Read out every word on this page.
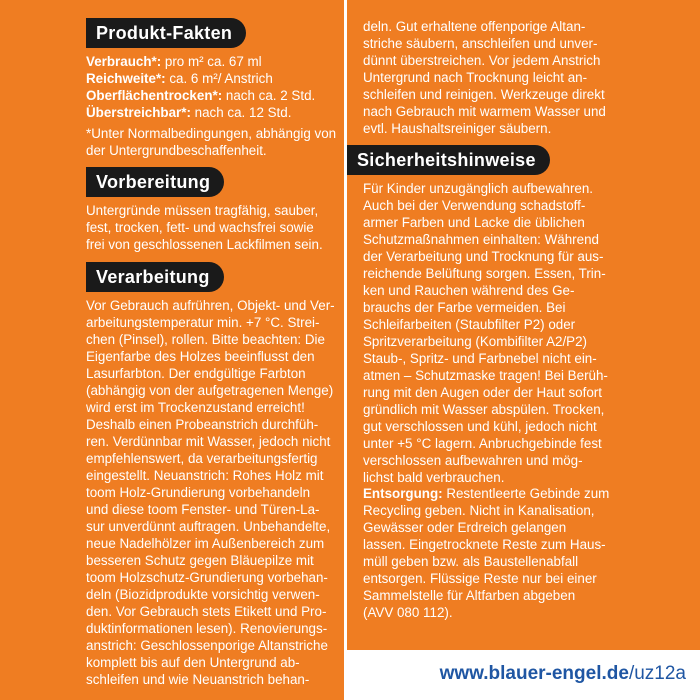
Produkt-Fakten
Verbrauch*: pro m² ca. 67 ml
Reichweite*: ca. 6 m²/ Anstrich
Oberflächentrocken*: nach ca. 2 Std.
Überstreichbar*: nach ca. 12 Std.
*Unter Normalbedingungen, abhängig von
der Untergrundbeschaffenheit.
Vorbereitung
Untergründe müssen tragfähig, sauber,
fest, trocken, fett- und wachsfrei sowie
frei von geschlossenen Lackfilmen sein.
Verarbeitung
Vor Gebrauch aufrühren, Objekt- und Ver-
arbeitungstemperatur min. +7 °C. Strei-
chen (Pinsel), rollen. Bitte beachten: Die
Eigenfarbe des Holzes beeinflusst den
Lasurfarbton. Der endgültige Farbton
(abhängig von der aufgetragenen Menge)
wird erst im Trockenzustand erreicht!
Deshalb einen Probeanstrich durchfüh-
ren. Verdünnbar mit Wasser, jedoch nicht
empfehlenswert, da verarbeitungsfertig
eingestellt. Neuanstrich: Rohes Holz mit
toom Holz-Grundierung vorbehandeln
und diese toom Fenster- und Türen-La-
sur unverdünnt auftragen. Unbehandelte,
neue Nadelhölzer im Außenbereich zum
besseren Schutz gegen Bläuepilze mit
toom Holzschutz-Grundierung vorbehan-
deln (Biozidprodukte vorsichtig verwen-
den. Vor Gebrauch stets Etikett und Pro-
duktinformationen lesen). Renovierungs-
anstrich: Geschlossenporige Altanstriche
komplett bis auf den Untergrund ab-
schleifen und wie Neuanstrich behan-
deln. Gut erhaltene offenporige Altan-
striche säubern, anschleifen und unver-
dünnt überstreichen. Vor jedem Anstrich
Untergrund nach Trocknung leicht an-
schleifen und reinigen. Werkzeuge direkt
nach Gebrauch mit warmem Wasser und
evtl. Haushaltsreiniger säubern.
Sicherheitshinweise
Für Kinder unzugänglich aufbewahren.
Auch bei der Verwendung schadstoff-
armer Farben und Lacke die üblichen
Schutzmaßnahmen einhalten: Während
der Verarbeitung und Trocknung für aus-
reichende Belüftung sorgen. Essen, Trin-
ken und Rauchen während des Ge-
brauchs der Farbe vermeiden. Bei
Schleifarbeiten (Staubfilter P2) oder
Spritzverarbeitung (Kombifilter A2/P2)
Staub-, Spritz- und Farbnebel nicht ein-
atmen – Schutzmaske tragen! Bei Berüh-
rung mit den Augen oder der Haut sofort
gründlich mit Wasser abspülen. Trocken,
gut verschlossen und kühl, jedoch nicht
unter +5 °C lagern. Anbruchgebinde fest
verschlossen aufbewahren und mög-
lichst bald verbrauchen.
Entsorgung: Restentleerte Gebinde zum
Recycling geben. Nicht in Kanalisation,
Gewässer oder Erdreich gelangen
lassen. Eingetrocknete Reste zum Haus-
müll geben bzw. als Baustellenabfall
entsorgen. Flüssige Reste nur bei einer
Sammelstelle für Altfarben abgeben
(AVV 080 112).
www.blauer-engel.de/uz12a
